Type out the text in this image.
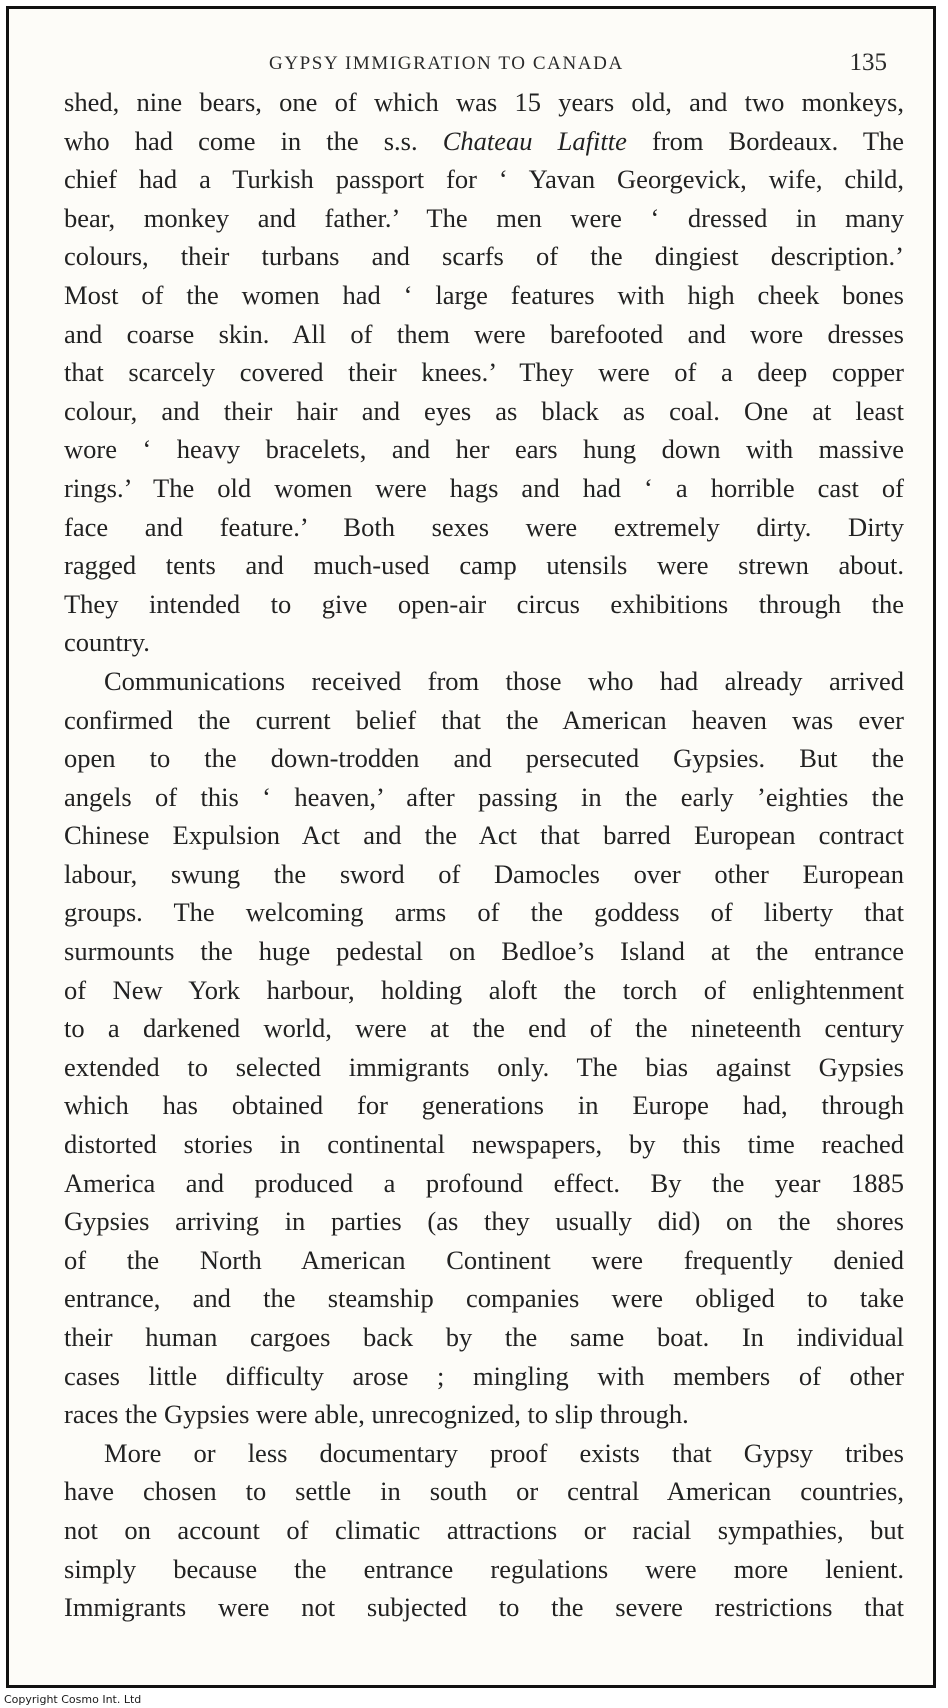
GYPSY IMMIGRATION TO CANADA	135
shed, nine bears, one of which was 15 years old, and two monkeys,
who had come in the s.s. Chateau Lafitte from Bordeaux. The
chief had a Turkish passport for ‘ Yavan Georgevick, wife, child,
bear, monkey and father.’ The men were ‘ dressed in many
colours, their turbans and scarfs of the dingiest description.’
Most of the women had ‘ large features with high cheek bones
and coarse skin. All of them were barefooted and wore dresses
that scarcely covered their knees.’ They were of a deep copper
colour, and their hair and eyes as black as coal. One at least
wore ‘ heavy bracelets, and her ears hung down with massive
rings.’ The old women were hags and had ‘ a horrible cast of
face and feature.’ Both sexes were extremely dirty. Dirty
ragged tents and much-used camp utensils were strewn about.
They intended to give open-air circus exhibitions through the
country.
Communications received from those who had already arrived
confirmed the current belief that the American heaven was ever
open to the down-trodden and persecuted Gypsies. But the
angels of this ‘ heaven,’ after passing in the early ’eighties the
Chinese Expulsion Act and the Act that barred European contract
labour, swung the sword of Damocles over other European
groups. The welcoming arms of the goddess of liberty that
surmounts the huge pedestal on Bedloe’s Island at the entrance
of New York harbour, holding aloft the torch of enlightenment
to a darkened world, were at the end of the nineteenth century
extended to selected immigrants only. The bias against Gypsies
which has obtained for generations in Europe had, through
distorted stories in continental newspapers, by this time reached
America and produced a profound effect. By the year 1885
Gypsies arriving in parties (as they usually did) on the shores
of the North American Continent were frequently denied
entrance, and the steamship companies were obliged to take
their human cargoes back by the same boat. In individual
cases little difficulty arose ; mingling with members of other
races the Gypsies were able, unrecognized, to slip through.
More or less documentary proof exists that Gypsy tribes
have chosen to settle in south or central American countries,
not on account of climatic attractions or racial sympathies, but
simply because the entrance regulations were more lenient.
Immigrants were not subjected to the severe restrictions that
Copyright Cosmo Int. Ltd
